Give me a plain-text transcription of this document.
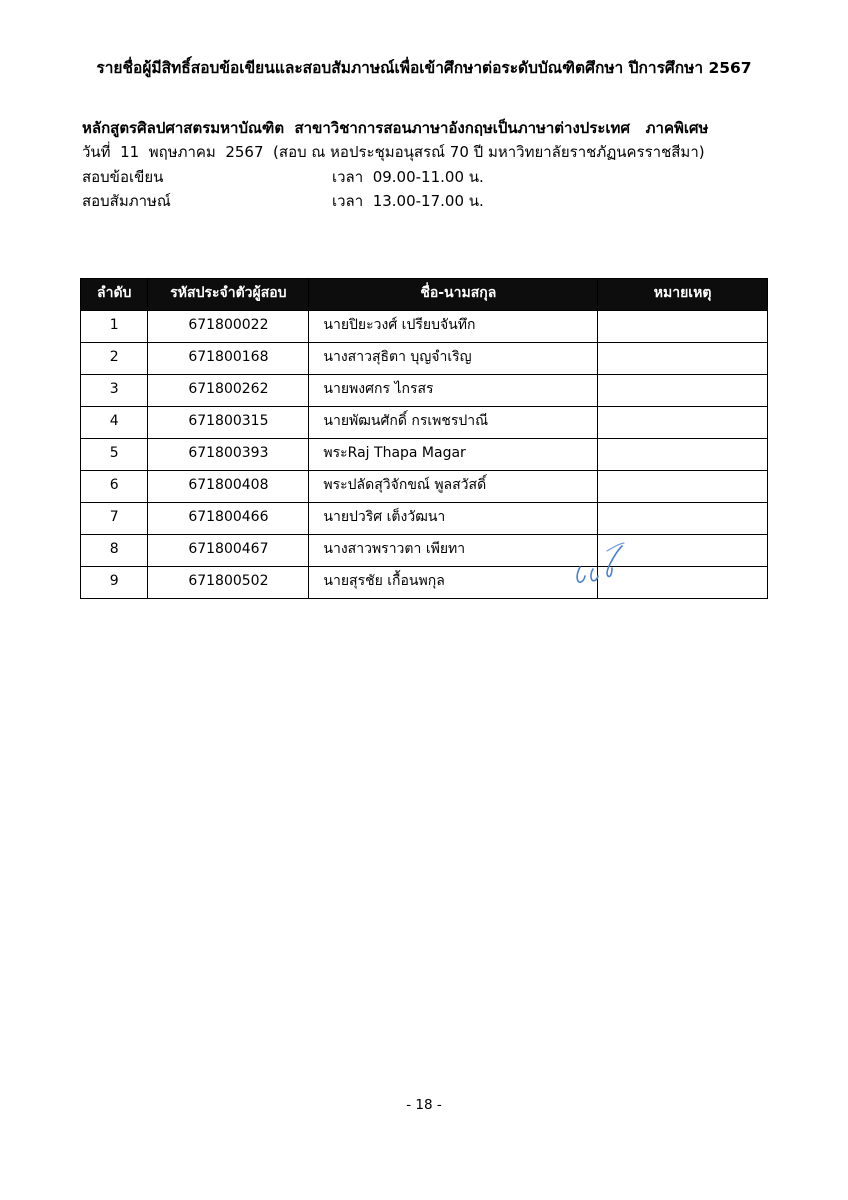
รายชื่อผู้มีสิทธิ์สอบข้อเขียนและสอบสัมภาษณ์เพื่อเข้าศึกษาต่อระดับบัณฑิตศึกษา ปีการศึกษา 2567
หลักสูตรศิลปศาสตรมหาบัณฑิต  สาขาวิชาการสอนภาษาอังกฤษเป็นภาษาต่างประเทศ   ภาคพิเศษ
วันที่  11  พฤษภาคม  2567  (สอบ ณ หอประชุมอนุสรณ์ 70 ปี มหาวิทยาลัยราชภัฏนครราชสีมา)
สอบข้อเขียน	เวลา  09.00-11.00 น.
สอบสัมภาษณ์	เวลา  13.00-17.00 น.
ลำดับ	รหัสประจำตัวผู้สอบ	ชื่อ-นามสกุล	หมายเหตุ
1	671800022	นายปิยะวงศ์ เปรียบจันทึก	
2	671800168	นางสาวสุธิตา บุญจำเริญ	
3	671800262	นายพงศกร ไกรสร	
4	671800315	นายพัฒนศักดิ์ กรเพชรปาณี	
5	671800393	พระRaj Thapa Magar	
6	671800408	พระปลัดสุวิจักขณ์ พูลสวัสดิ์	
7	671800466	นายปวริศ เต็งวัฒนา	
8	671800467	นางสาวพราวตา เพียทา	
9	671800502	นายสุรชัย เกื้อนพกุล	
- 18 -
